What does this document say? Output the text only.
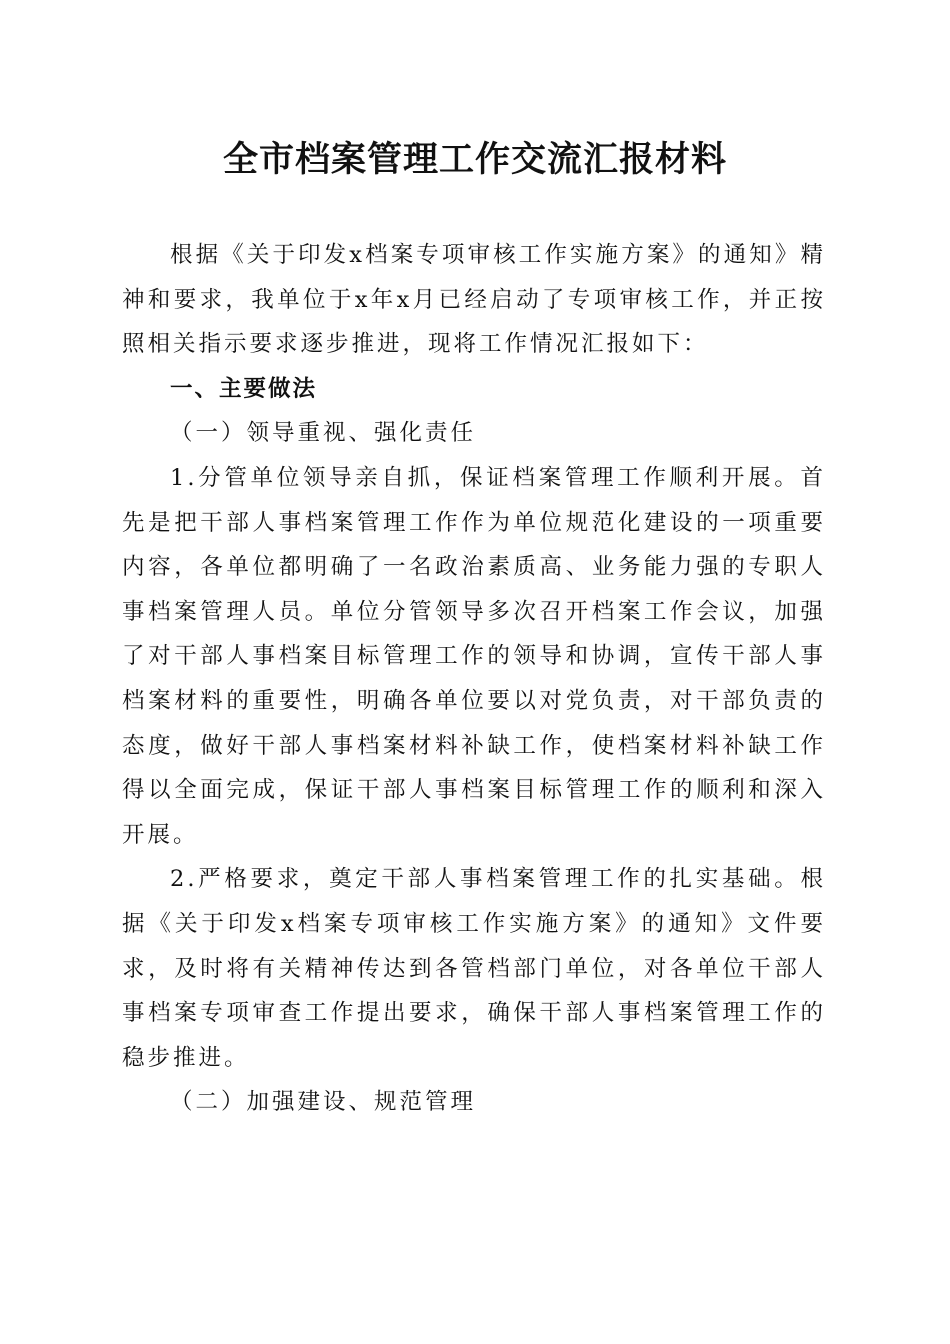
全市档案管理工作交流汇报材料

根据《关于印发x档案专项审核工作实施方案》的通知》精神和要求，我单位于x年x月已经启动了专项审核工作，并正按照相关指示要求逐步推进，现将工作情况汇报如下：

一、主要做法

（一）领导重视、强化责任

1.分管单位领导亲自抓，保证档案管理工作顺利开展。首先是把干部人事档案管理工作作为单位规范化建设的一项重要内容，各单位都明确了一名政治素质高、业务能力强的专职人事档案管理人员。单位分管领导多次召开档案工作会议，加强了对干部人事档案目标管理工作的领导和协调，宣传干部人事档案材料的重要性，明确各单位要以对党负责，对干部负责的态度，做好干部人事档案材料补缺工作，使档案材料补缺工作得以全面完成，保证干部人事档案目标管理工作的顺利和深入开展。

2.严格要求，奠定干部人事档案管理工作的扎实基础。根据《关于印发x档案专项审核工作实施方案》的通知》文件要求，及时将有关精神传达到各管档部门单位，对各单位干部人事档案专项审查工作提出要求，确保干部人事档案管理工作的稳步推进。

（二）加强建设、规范管理
